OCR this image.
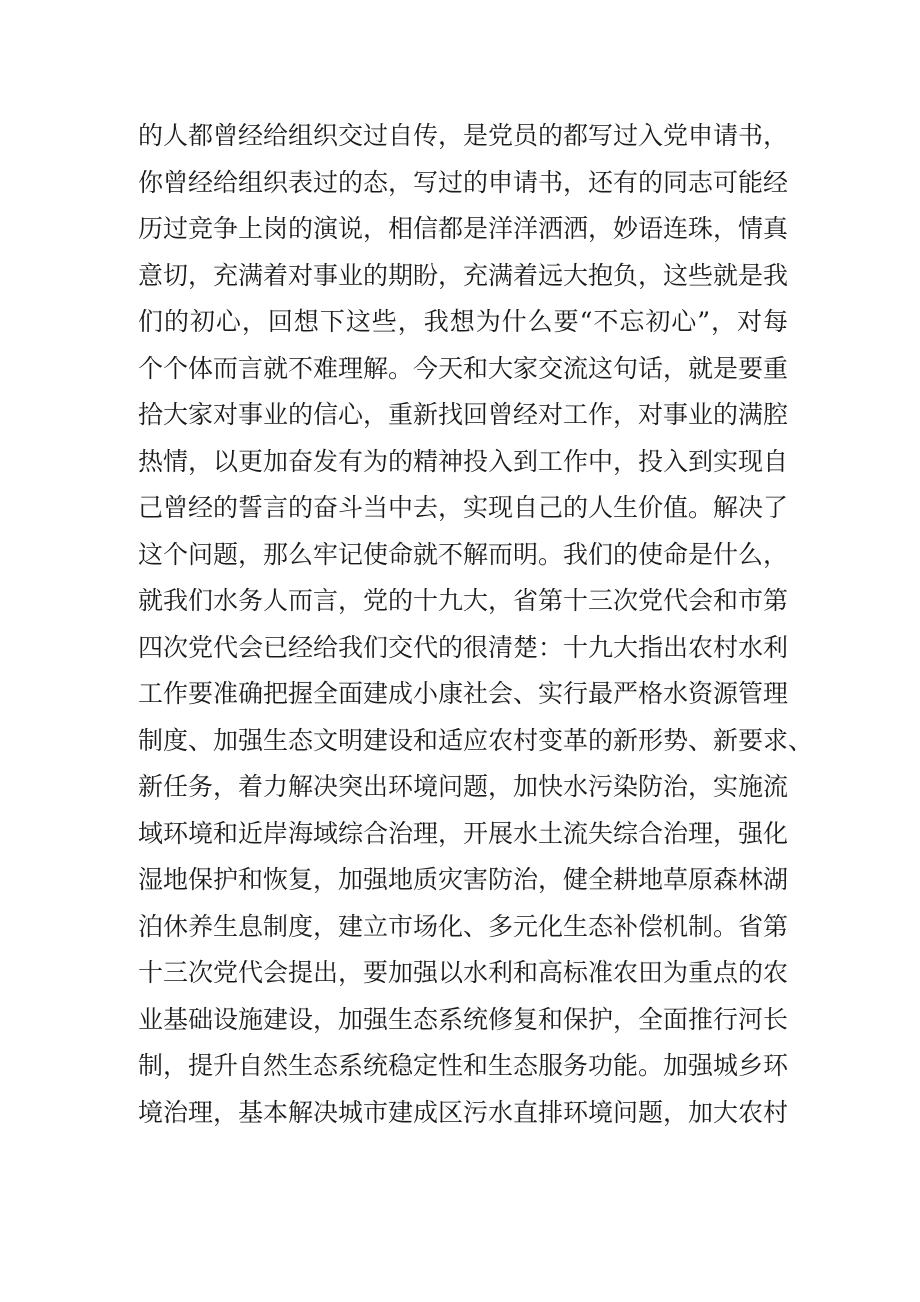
的人都曾经给组织交过自传，是党员的都写过入党申请书，
你曾经给组织表过的态，写过的申请书，还有的同志可能经
历过竞争上岗的演说，相信都是洋洋洒洒，妙语连珠，情真
意切，充满着对事业的期盼，充满着远大抱负，这些就是我
们的初心，回想下这些，我想为什么要“不忘初心”，对每
个个体而言就不难理解。今天和大家交流这句话，就是要重
拾大家对事业的信心，重新找回曾经对工作，对事业的满腔
热情，以更加奋发有为的精神投入到工作中，投入到实现自
己曾经的誓言的奋斗当中去，实现自己的人生价值。解决了
这个问题，那么牢记使命就不解而明。我们的使命是什么，
就我们水务人而言，党的十九大，省第十三次党代会和市第
四次党代会已经给我们交代的很清楚：十九大指出农村水利
工作要准确把握全面建成小康社会、实行最严格水资源管理
制度、加强生态文明建设和适应农村变革的新形势、新要求、
新任务，着力解决突出环境问题，加快水污染防治，实施流
域环境和近岸海域综合治理，开展水土流失综合治理，强化
湿地保护和恢复，加强地质灾害防治，健全耕地草原森林湖
泊休养生息制度，建立市场化、多元化生态补偿机制。省第
十三次党代会提出，要加强以水利和高标准农田为重点的农
业基础设施建设，加强生态系统修复和保护，全面推行河长
制，提升自然生态系统稳定性和生态服务功能。加强城乡环
境治理，基本解决城市建成区污水直排环境问题，加大农村
